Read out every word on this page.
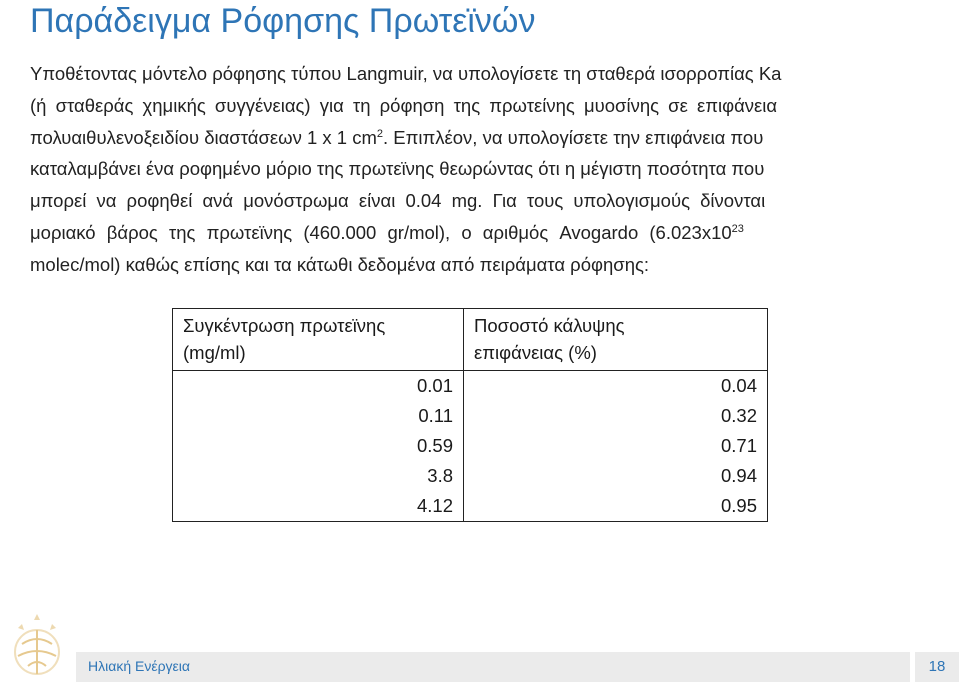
Παράδειγμα Ρόφησης Πρωτεϊνών
Υποθέτοντας μόντελο ρόφησης τύπου Langmuir, να υπολογίσετε τη σταθερά ισορροπίας Ka
(ή σταθεράς χημικής συγγένειας) για τη ρόφηση της πρωτείνης μυοσίνης σε επιφάνεια
πολυαιθυλενοξειδίου διαστάσεων 1 x 1 $cm^2$. Επιπλέον, να υπολογίσετε την επιφάνεια που
καταλαμβάνει ένα ροφημένο μόριο της πρωτεϊνης θεωρώντας ότι η μέγιστη ποσότητα που
μπορεί να ροφηθεί ανά μονόστρωμα είναι 0.04 mg. Για τους υπολογισμούς δίνονται
μοριακό βάρος της πρωτεϊνης (460.000 gr/mol), ο αριθμός Avogardo ($6.023x10^{23}$
molec/mol) καθώς επίσης και τα κάτωθι δεδομένα από πειράματα ρόφησης:
Συγκέντρωση πρωτεϊνης
(mg/ml)	Ποσοστό κάλυψης
επιφάνειας (%)
0.01	0.04
0.11	0.32
0.59	0.71
3.8	0.94
4.12	0.95
Ηλιακή Ενέργεια	18
